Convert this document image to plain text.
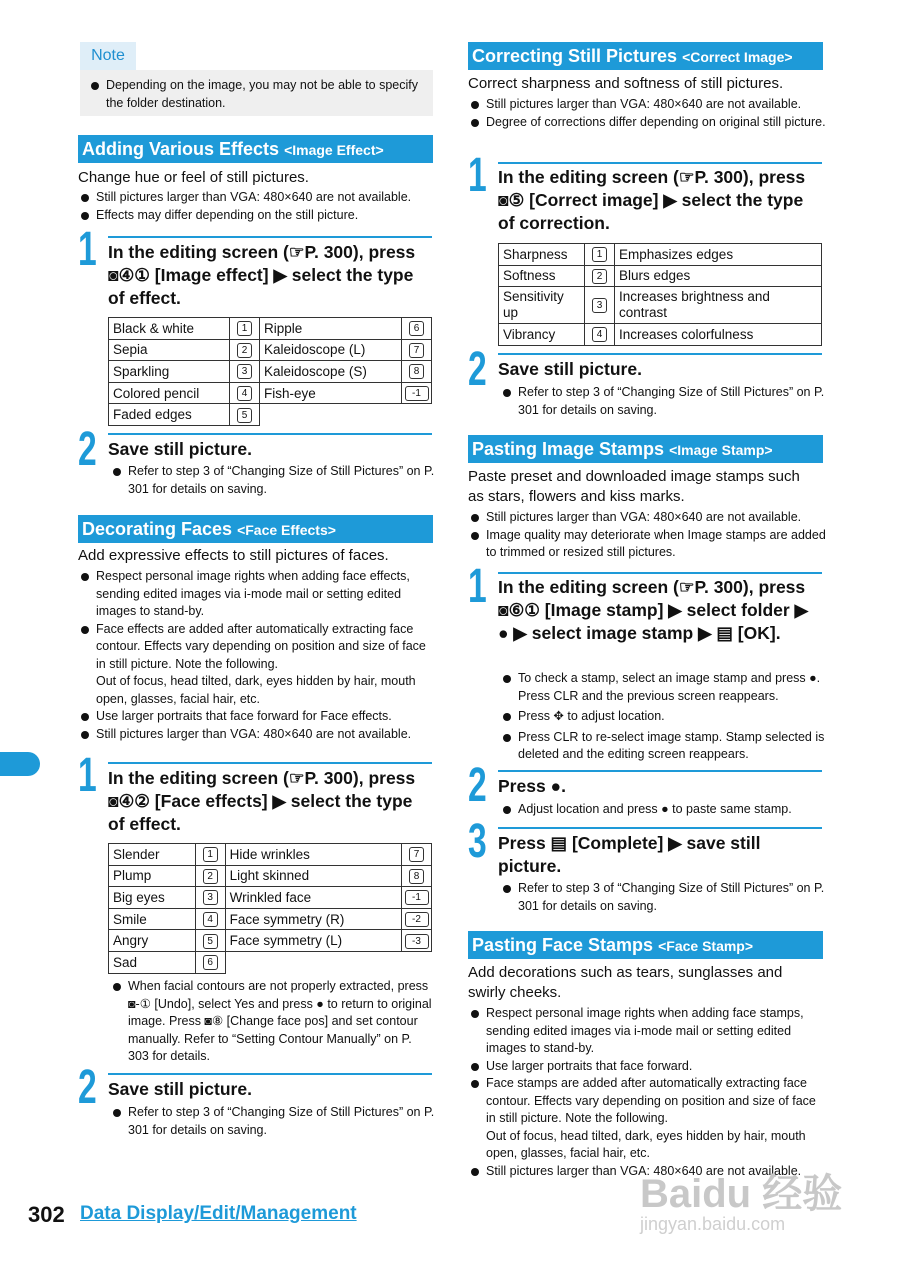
Note
Depending on the image, you may not be able to specify the folder destination.
Adding Various Effects <Image Effect>
Change hue or feel of still pictures.
Still pictures larger than VGA: 480×640 are not available.
Effects may differ depending on the still picture.
1 In the editing screen (☞P. 300), press ◙④① [Image effect] ▶ select the type of effect.
Black & white	1	Ripple	6
Sepia	2	Kaleidoscope (L)	7
Sparkling	3	Kaleidoscope (S)	8
Colored pencil	4	Fish-eye	-1
Faded edges	5		
2 Save still picture.
Refer to step 3 of “Changing Size of Still Pictures” on P. 301 for details on saving.
Decorating Faces <Face Effects>
Add expressive effects to still pictures of faces.
Respect personal image rights when adding face effects, sending edited images via i-mode mail or setting edited images to stand-by.
Face effects are added after automatically extracting face contour. Effects vary depending on position and size of face in still picture. Note the following.
Out of focus, head tilted, dark, eyes hidden by hair, mouth open, glasses, facial hair, etc.
Use larger portraits that face forward for Face effects.
Still pictures larger than VGA: 480×640 are not available.
1 In the editing screen (☞P. 300), press ◙④② [Face effects] ▶ select the type of effect.
Slender	1	Hide wrinkles	7
Plump	2	Light skinned	8
Big eyes	3	Wrinkled face	-1
Smile	4	Face symmetry (R)	-2
Angry	5	Face symmetry (L)	-3
Sad	6		
When facial contours are not properly extracted, press ◙-① [Undo], select Yes and press ● to return to original image. Press ◙⑧ [Change face pos] and set contour manually. Refer to “Setting Contour Manually” on P. 303 for details.
2 Save still picture.
Refer to step 3 of “Changing Size of Still Pictures” on P. 301 for details on saving.
Correcting Still Pictures <Correct Image>
Correct sharpness and softness of still pictures.
Still pictures larger than VGA: 480×640 are not available.
Degree of corrections differ depending on original still picture.
1 In the editing screen (☞P. 300), press ◙⑤ [Correct image] ▶ select the type of correction.
Sharpness	1	Emphasizes edges
Softness	2	Blurs edges
Sensitivity up	3	Increases brightness and contrast
Vibrancy	4	Increases colorfulness
2 Save still picture.
Refer to step 3 of “Changing Size of Still Pictures” on P. 301 for details on saving.
Pasting Image Stamps <Image Stamp>
Paste preset and downloaded image stamps such as stars, flowers and kiss marks.
Still pictures larger than VGA: 480×640 are not available.
Image quality may deteriorate when Image stamps are added to trimmed or resized still pictures.
1 In the editing screen (☞P. 300), press ◙⑥① [Image stamp] ▶ select folder ▶ ● ▶ select image stamp ▶ ▤ [OK].
To check a stamp, select an image stamp and press ●. Press CLR and the previous screen reappears.
Press ✥ to adjust location.
Press CLR to re-select image stamp. Stamp selected is deleted and the editing screen reappears.
2 Press ●.
Adjust location and press ● to paste same stamp.
3 Press ▤ [Complete] ▶ save still picture.
Refer to step 3 of “Changing Size of Still Pictures” on P. 301 for details on saving.
Pasting Face Stamps <Face Stamp>
Add decorations such as tears, sunglasses and swirly cheeks.
Respect personal image rights when adding face stamps, sending edited images via i-mode mail or setting edited images to stand-by.
Use larger portraits that face forward.
Face stamps are added after automatically extracting face contour. Effects vary depending on position and size of face in still picture. Note the following.
Out of focus, head tilted, dark, eyes hidden by hair, mouth open, glasses, facial hair, etc.
Still pictures larger than VGA: 480×640 are not available.
302 Data Display/Edit/Management	Baidu 经验
jingyan.baidu.com
